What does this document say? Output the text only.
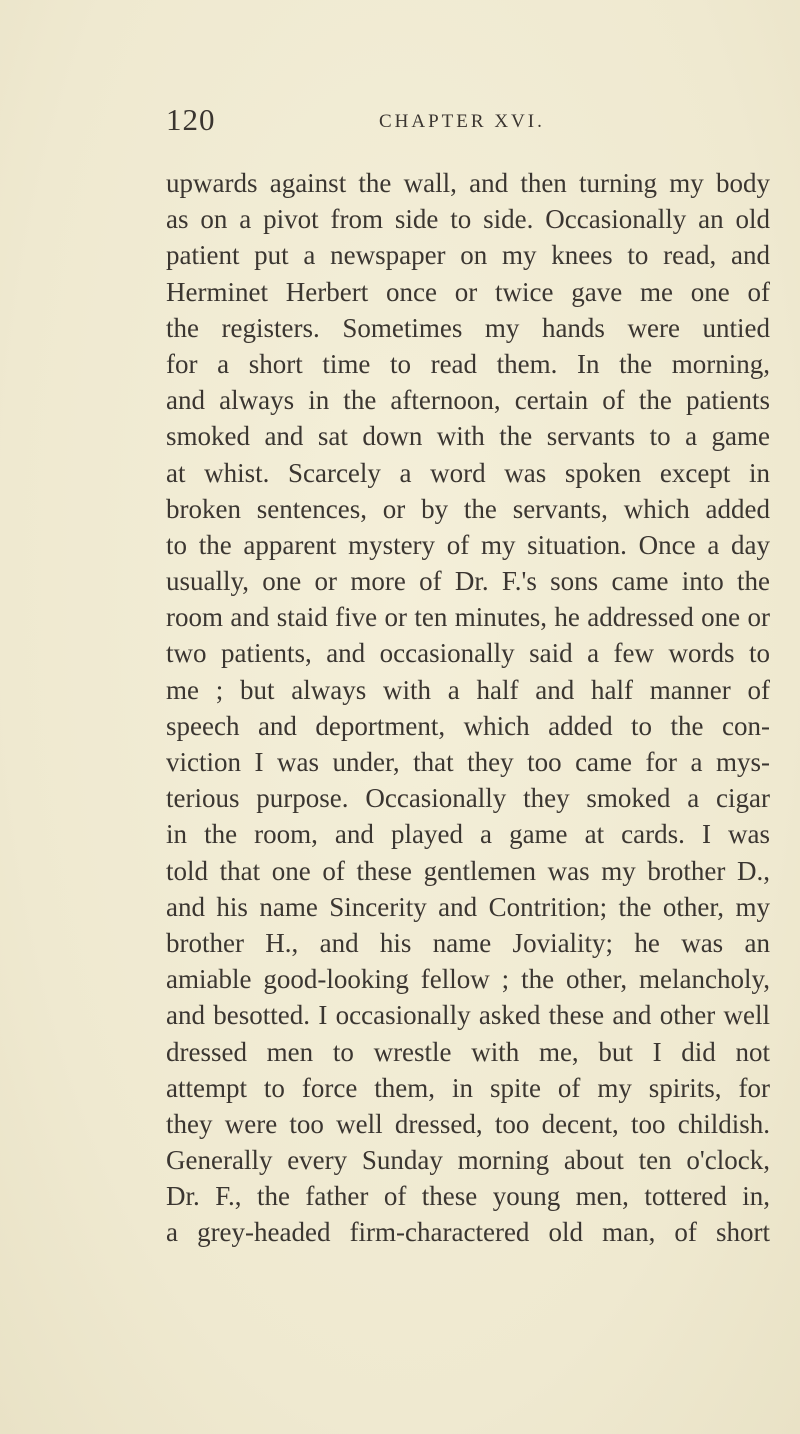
120	CHAPTER XVI.
upwards against the wall, and then turning my body
as on a pivot from side to side. Occasionally an old
patient put a newspaper on my knees to read, and
Herminet Herbert once or twice gave me one of
the registers. Sometimes my hands were untied
for a short time to read them. In the morning,
and always in the afternoon, certain of the patients
smoked and sat down with the servants to a game
at whist. Scarcely a word was spoken except in
broken sentences, or by the servants, which added
to the apparent mystery of my situation. Once a day
usually, one or more of Dr. F.'s sons came into the
room and staid five or ten minutes, he addressed one or
two patients, and occasionally said a few words to
me ; but always with a half and half manner of
speech and deportment, which added to the con-
viction I was under, that they too came for a mys-
terious purpose. Occasionally they smoked a cigar
in the room, and played a game at cards. I was
told that one of these gentlemen was my brother D.,
and his name Sincerity and Contrition; the other, my
brother H., and his name Joviality; he was an
amiable good-looking fellow ; the other, melancholy,
and besotted. I occasionally asked these and other well
dressed men to wrestle with me, but I did not
attempt to force them, in spite of my spirits, for
they were too well dressed, too decent, too childish.
Generally every Sunday morning about ten o'clock,
Dr. F., the father of these young men, tottered in,
a grey-headed firm-charactered old man, of short
